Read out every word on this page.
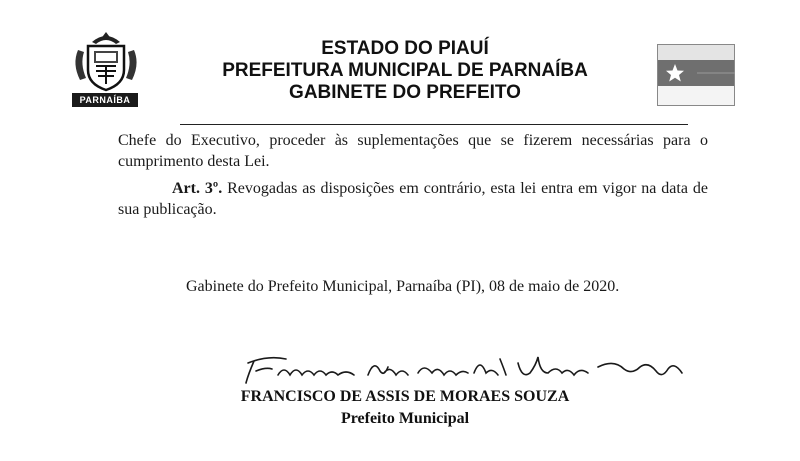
PARNAÍBA
ESTADO DO PIAUÍ
PREFEITURA MUNICIPAL DE PARNAÍBA
GABINETE DO PREFEITO
Chefe do Executivo, proceder às suplementações que se fizerem necessárias para o cumprimento desta Lei.
Art. 3º. Revogadas as disposições em contrário, esta lei entra em vigor na data de sua publicação.
Gabinete do Prefeito Municipal, Parnaíba (PI), 08 de maio de 2020.
FRANCISCO DE ASSIS DE MORAES SOUZA
Prefeito Municipal
